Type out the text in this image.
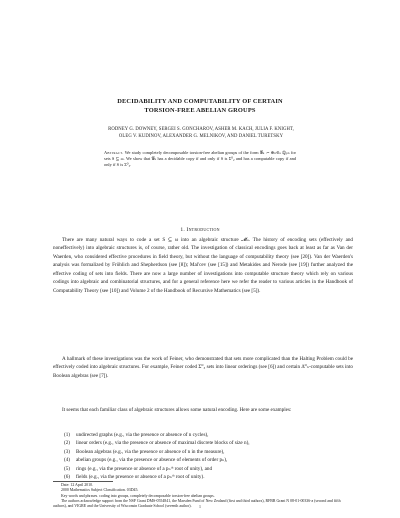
DECIDABILITY AND COMPUTABILITY OF CERTAIN
TORSION-FREE ABELIAN GROUPS
RODNEY G. DOWNEY, SERGEI S. GONCHAROV, ASHER M. KACH, JULIA F. KNIGHT,
OLEG V. KUDINOV, ALEXANDER G. MELNIKOV, AND DANIEL TURETSKY
Abstract. We study completely decomposable torsion-free abelian groups of the form 𝒢ₛ := ⊕ₙ∈ₛ ℚₚₙ for sets S ⊆ ω. We show that 𝒢ₛ has a decidable copy if and only if S is Σ⁰₂ and has a computable copy if and only if S is Σ⁰₃.
1. Introduction
There are many natural ways to code a set S ⊆ ω into an algebraic structure 𝓜ₛ. The history of encoding sets (effectively and noneffectively) into algebraic structures is, of course, rather old. The investigation of classical encodings goes back at least as far as Van der Waerden, who considered effective procedures in field theory, but without the language of computability theory (see [20]). Van der Waerden's analysis was formalized by Fröhlich and Shepherdson (see [8]); Mal'cev (see [15]) and Metakides and Nerode (see [19]) further analyzed the effective coding of sets into fields. There are now a large number of investigations into computable structure theory which rely on various codings into algebraic and combinatorial structures, and for a general reference here we refer the reader to various articles in the Handbook of Computability Theory (see [10]) and Volume 2 of the Handbook of Recursive Mathematics (see [5]).
A hallmark of these investigations was the work of Feiner, who demonstrated that sets more complicated than the Halting Problem could be effectively coded into algebraic structures. For example, Feiner coded Σ⁰₃ sets into linear orderings (see [6]) and certain Δ⁰ₙ-computable sets into Boolean algebras (see [7]).
It seems that each familiar class of algebraic structures allows some natural encoding. Here are some examples:
(1)	undirected graphs (e.g., via the presence or absence of n cycles),
(2)	linear orders (e.g., via the presence or absence of maximal discrete blocks of size n),
(3)	Boolean algebras (e.g., via the presence or absence of n in the measure),
(4)	abelian groups (e.g., via the presence or absence of elements of order pₙ),
(5)	rings (e.g., via the presence or absence of a pₙᵗʰ root of unity), and
(6)	fields (e.g., via the presence or absence of a pₙᵗʰ root of unity).
Date: 12 April 2010.
2000 Mathematics Subject Classification. 03D45.
Key words and phrases. coding into groups, completely decomposable torsion-free abelian groups.
The authors acknowledge support from the NSF Grant DMS-0554841, the Marsden Fund of New Zealand (first and third authors), RFBR Grant N 08-01-00336-a (second and fifth authors), and VIGRE and the University of Wisconsin Graduate School (seventh author).	1
